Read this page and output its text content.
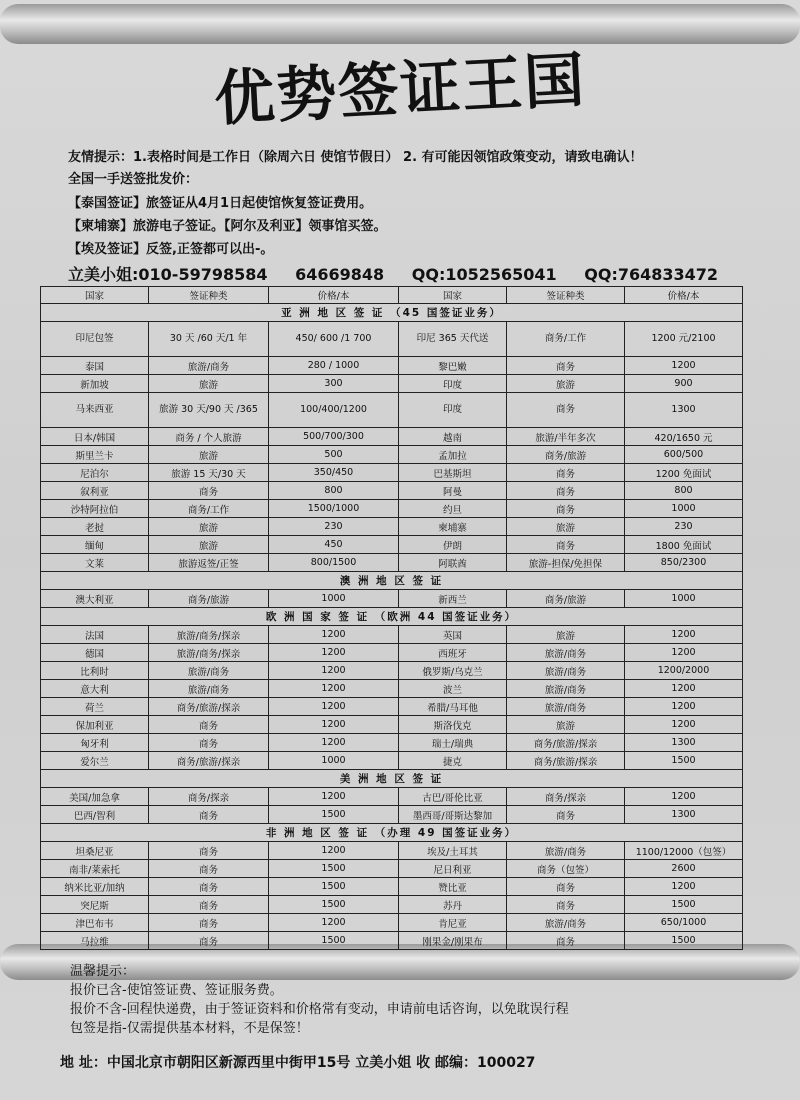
优势签证王国
友情提示：1.表格时间是工作日（除周六日 使馆节假日） 2. 有可能因领馆政策变动，请致电确认！
全国一手送签批发价：
【泰国签证】旅签证从4月1日起使馆恢复签证费用。
【柬埔寨】旅游电子签证。【阿尔及利亚】领事馆买签。
【埃及签证】反签,正签都可以出-。
立美小姐:010-59798584 64669848 QQ:1052565041 QQ:764833472
国家	签证种类	价格/本	国家	签证种类	价格/本
亚 洲 地 区 签 证 （45 国签证业务）					
印尼包签	30 天 /60 天/1 年	450/ 600 /1 700	印尼 365 天代送	商务/工作	1200 元/2100
泰国	旅游/商务	280 / 1000	黎巴嫩	商务	1200
新加坡	旅游	300	印度	旅游	900
马来西亚	旅游 30 天/90 天 /365	100/400/1200	印度	商务	1300
日本/韩国	商务 / 个人旅游	500/700/300	越南	旅游/半年多次	420/1650 元
斯里兰卡	旅游	500	孟加拉	商务/旅游	600/500
尼泊尔	旅游 15 天/30 天	350/450	巴基斯坦	商务	1200 免面试
叙利亚	商务	800	阿曼	商务	800
沙特阿拉伯	商务/工作	1500/1000	约旦	商务	1000
老挝	旅游	230	柬埔寨	旅游	230
缅甸	旅游	450	伊朗	商务	1800 免面试
文莱	旅游返签/正签	800/1500	阿联酋	旅游-担保/免担保	850/2300
澳 洲 地 区 签 证					
澳大利亚	商务/旅游	1000	新西兰	商务/旅游	1000
欧 洲 国 家 签 证 （欧洲 44 国签证业务）					
法国	旅游/商务/探亲	1200	英国	旅游	1200
德国	旅游/商务/探亲	1200	西班牙	旅游/商务	1200
比利时	旅游/商务	1200	俄罗斯/乌克兰	旅游/商务	1200/2000
意大利	旅游/商务	1200	波兰	旅游/商务	1200
荷兰	商务/旅游/探亲	1200	希腊/马耳他	旅游/商务	1200
保加利亚	商务	1200	斯洛伐克	旅游	1200
匈牙利	商务	1200	瑞士/瑞典	商务/旅游/探亲	1300
爱尔兰	商务/旅游/探亲	1000	捷克	商务/旅游/探亲	1500
美 洲 地 区 签 证					
美国/加急拿	商务/探亲	1200	古巴/哥伦比亚	商务/探亲	1200
巴西/智利	商务	1500	墨西哥/哥斯达黎加	商务	1300
非 洲 地 区 签 证 （办理 49 国签证业务）					
坦桑尼亚	商务	1200	埃及/土耳其	旅游/商务	1100/12000（包签）
南非/莱索托	商务	1500	尼日利亚	商务（包签）	2600
纳米比亚/加纳	商务	1500	赞比亚	商务	1200
突尼斯	商务	1500	苏丹	商务	1500
津巴布韦	商务	1200	肯尼亚	旅游/商务	650/1000
马拉维	商务	1500	刚果金/刚果布	商务	1500
温馨提示：
报价已含-使馆签证费、签证服务费。
报价不含-回程快递费，由于签证资料和价格常有变动，申请前电话咨询，以免耽误行程
包签是指-仅需提供基本材料，不是保签！
地 址：中国北京市朝阳区新源西里中街甲15号 立美小姐 收 邮编：100027
